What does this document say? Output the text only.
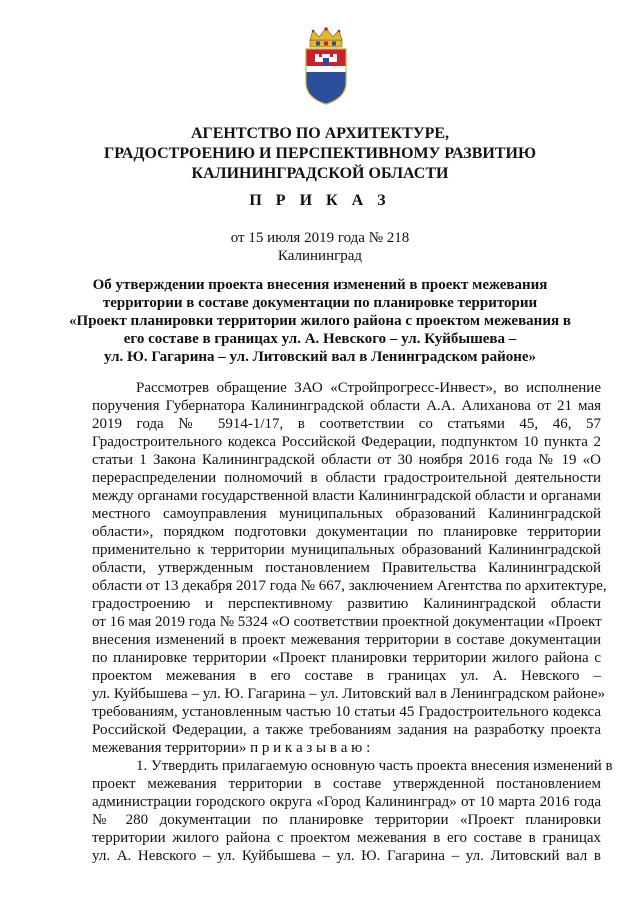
АГЕНТСТВО ПО АРХИТЕКТУРЕ,
ГРАДОСТРОЕНИЮ И ПЕРСПЕКТИВНОМУ РАЗВИТИЮ
КАЛИНИНГРАДСКОЙ ОБЛАСТИ
П Р И К А З
от 15 июля 2019 года № 218
Калининград
Об утверждении проекта внесения изменений в проект межевания
территории в составе документации по планировке территории
«Проект планировки территории жилого района с проектом межевания в
его составе в границах ул. А. Невского – ул. Куйбышева –
ул. Ю. Гагарина – ул. Литовский вал в Ленинградском районе»
Рассмотрев обращение ЗАО «Стройпрогресс-Инвест», во исполнение
поручения Губернатора Калининградской области А.А. Алиханова от 21 мая
2019 года № 5914-1/17, в соответствии со статьями 45, 46, 57
Градостроительного кодекса Российской Федерации, подпунктом 10 пункта 2
статьи 1 Закона Калининградской области от 30 ноября 2016 года № 19 «О
перераспределении полномочий в области градостроительной деятельности
между органами государственной власти Калининградской области и органами
местного самоуправления муниципальных образований Калининградской
области», порядком подготовки документации по планировке территории
применительно к территории муниципальных образований Калининградской
области, утвержденным постановлением Правительства Калининградской
области от 13 декабря 2017 года № 667, заключением Агентства по архитектуре,
градостроению и перспективному развитию Калининградской области
от 16 мая 2019 года № 5324 «О соответствии проектной документации «Проект
внесения изменений в проект межевания территории в составе документации
по планировке территории «Проект планировки территории жилого района с
проектом межевания в его составе в границах ул. А. Невского –
ул. Куйбышева – ул. Ю. Гагарина – ул. Литовский вал в Ленинградском районе»
требованиям, установленным частью 10 статьи 45 Градостроительного кодекса
Российской Федерации, а также требованиям задания на разработку проекта
межевания территории» п р и к а з ы в а ю :
1. Утвердить прилагаемую основную часть проекта внесения изменений в
проект межевания территории в составе утвержденной постановлением
администрации городского округа «Город Калининград» от 10 марта 2016 года
№ 280 документации по планировке территории «Проект планировки
территории жилого района с проектом межевания в его составе в границах
ул. А. Невского – ул. Куйбышева – ул. Ю. Гагарина – ул. Литовский вал в
